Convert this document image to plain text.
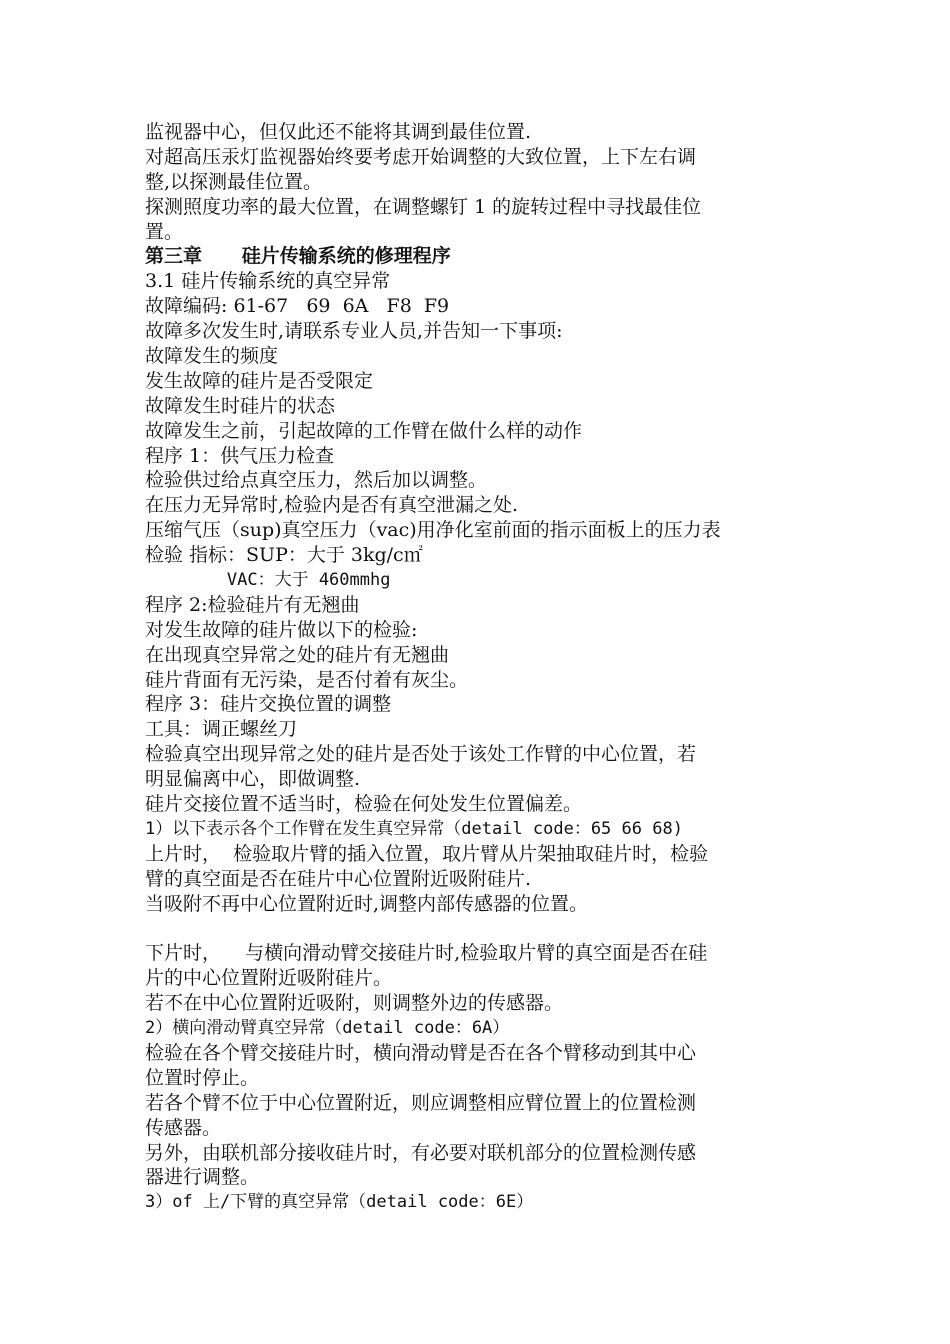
监视器中心，但仅此还不能将其调到最佳位置.
对超高压汞灯监视器始终要考虑开始调整的大致位置，上下左右调
整,以探测最佳位置。
探测照度功率的最大位置，在调整螺钉 1 的旋转过程中寻找最佳位
置。
第三章      硅片传输系统的修理程序
3.1 硅片传输系统的真空异常
故障编码: 61-67   69  6A   F8  F9
故障多次发生时,请联系专业人员,并告知一下事项:
故障发生的频度
发生故障的硅片是否受限定
故障发生时硅片的状态
故障发生之前，引起故障的工作臂在做什么样的动作
程序 1：供气压力检查
检验供过给点真空压力，然后加以调整。
在压力无异常时,检验内是否有真空泄漏之处.
压缩气压（sup)真空压力（vac)用净化室前面的指示面板上的压力表
检验 指标：SUP：大于 3kg/c㎡
VAC：大于 460mmhg
程序 2:检验硅片有无翘曲
对发生故障的硅片做以下的检验:
在出现真空异常之处的硅片有无翘曲
硅片背面有无污染，是否付着有灰尘。
程序 3：硅片交换位置的调整
工具：调正螺丝刀
检验真空出现异常之处的硅片是否处于该处工作臂的中心位置，若
明显偏离中心，即做调整.
硅片交接位置不适当时，检验在何处发生位置偏差。
1）以下表示各个工作臂在发生真空异常（detail code：65 66 68)
上片时，  检验取片臂的插入位置，取片臂从片架抽取硅片时，检验
臂的真空面是否在硅片中心位置附近吸附硅片.
当吸附不再中心位置附近时,调整内部传感器的位置。
下片时，    与横向滑动臂交接硅片时,检验取片臂的真空面是否在硅
片的中心位置附近吸附硅片。
若不在中心位置附近吸附，则调整外边的传感器。
2）横向滑动臂真空异常（detail code：6A）
检验在各个臂交接硅片时，横向滑动臂是否在各个臂移动到其中心
位置时停止。
若各个臂不位于中心位置附近，则应调整相应臂位置上的位置检测
传感器。
另外，由联机部分接收硅片时，有必要对联机部分的位置检测传感
器进行调整。
3）of 上/下臂的真空异常（detail code：6E）
